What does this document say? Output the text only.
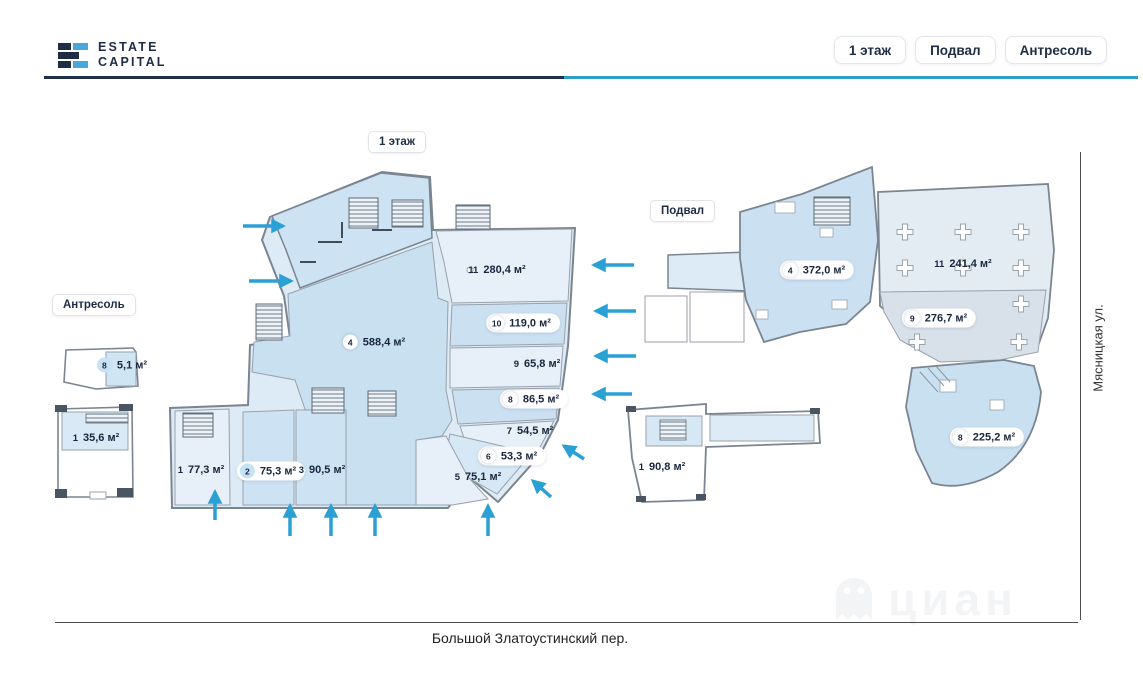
ESTATE
CAPITAL
1 этаж	Подвал	Антресоль
1 этаж
Подвал
Антресоль
11 280,4 м²
10 119,0 м²
9 65,8 м²
8 86,5 м²
7 54,5 м²
6 53,3 м²
5 75,1 м²
4 588,4 м²
1 77,3 м²	2 75,3 м² 3 90,5 м²
8 5,1 м²
1 35,6 м²
4 372,0 м²	11 241,4 м²
9 276,7 м²
8 225,2 м²
1 90,8 м²
Мясницкая ул.
Большой Златоустинский пер.
циан
